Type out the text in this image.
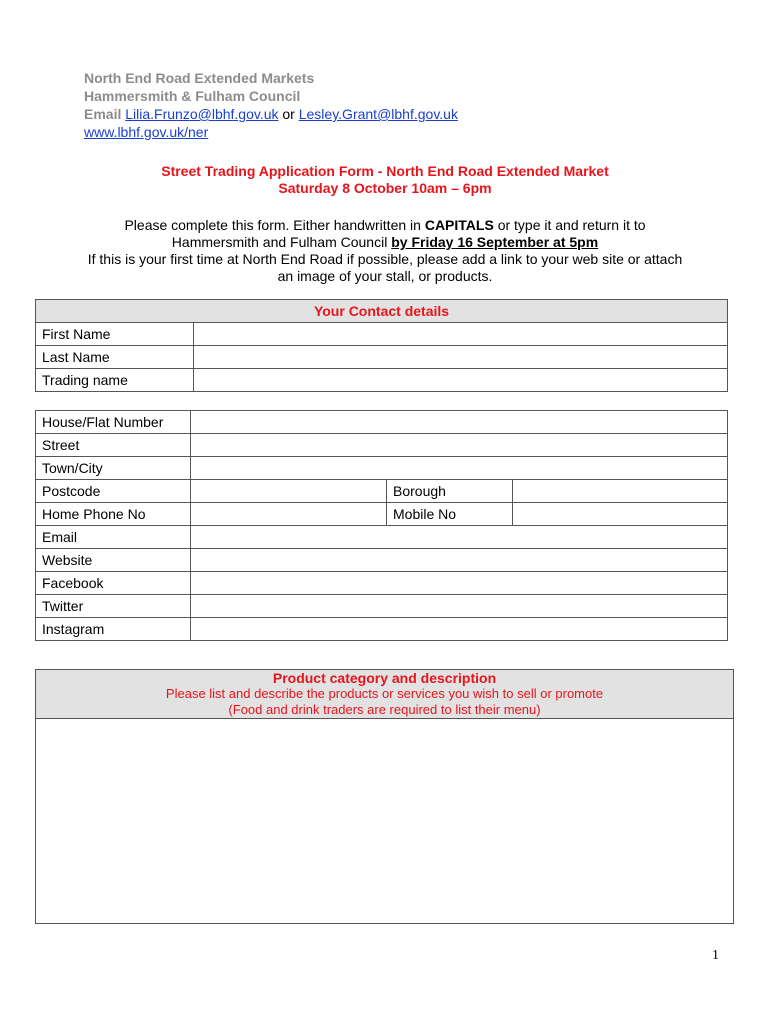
North End Road Extended Markets
Hammersmith & Fulham Council
Email Lilia.Frunzo@lbhf.gov.uk or Lesley.Grant@lbhf.gov.uk
www.lbhf.gov.uk/ner
Street Trading Application Form - North End Road Extended Market
Saturday 8 October 10am – 6pm
Please complete this form. Either handwritten in CAPITALS or type it and return it to
Hammersmith and Fulham Council by Friday 16 September at 5pm
If this is your first time at North End Road if possible, please add a link to your web site or attach
an image of your stall, or products.
Your Contact details	
First Name	
Last Name	
Trading name	
House/Flat Number			
Street			
Town/City			
Postcode		Borough	
Home Phone No		Mobile No	
Email			
Website			
Facebook			
Twitter			
Instagram			
Product category and description
Please list and describe the products or services you wish to sell or promote
(Food and drink traders are required to list their menu)

1
